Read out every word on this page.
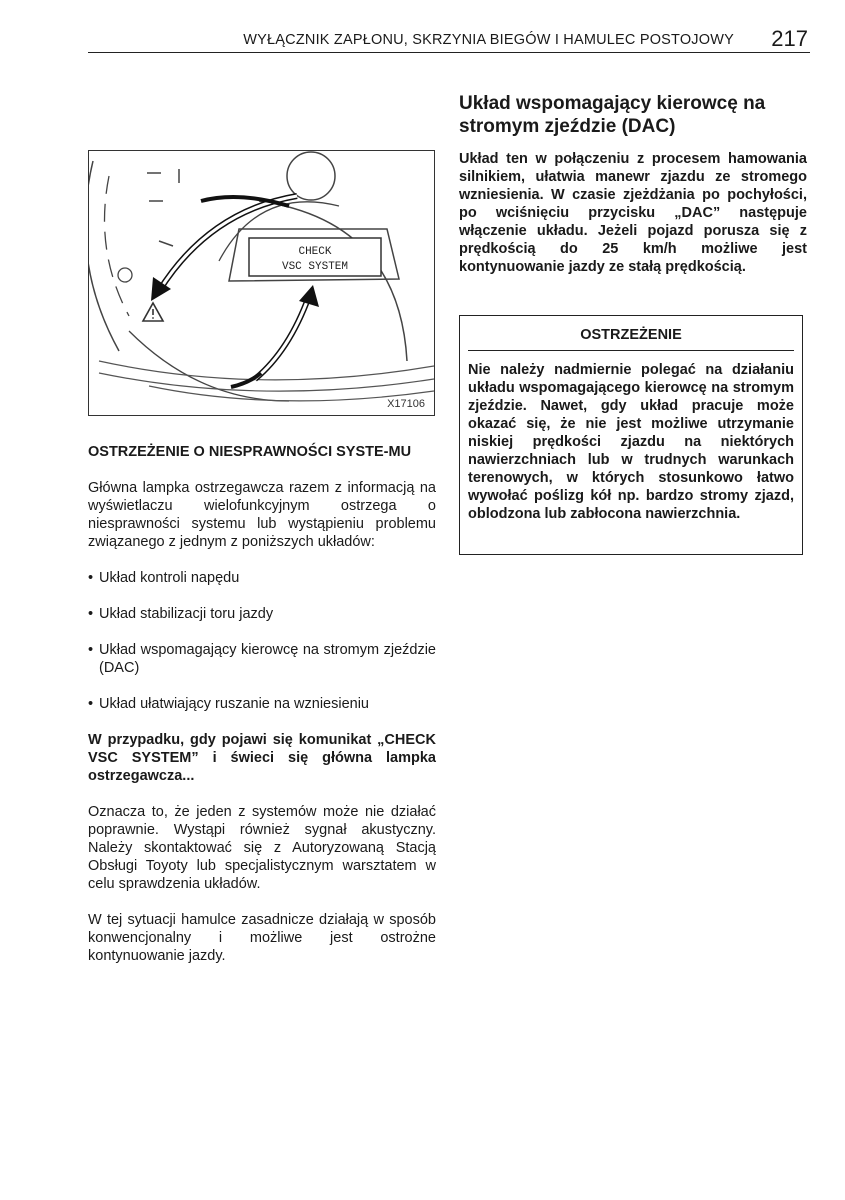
WYŁĄCZNIK ZAPŁONU, SKRZYNIA BIEGÓW I HAMULEC POSTOJOWY 217
CHECK
VSC SYSTEM
X17106

OSTRZEŻENIE O NIESPRAWNOŚCI SYSTE-MU

Główna lampka ostrzegawcza razem z informacją na wyświetlaczu wielofunkcyjnym ostrzega o niesprawności systemu lub wystąpieniu problemu związanego z jednym z poniższych układów:

• Układ kontroli napędu
• Układ stabilizacji toru jazdy
• Układ wspomagający kierowcę na stromym zjeździe (DAC)
• Układ ułatwiający ruszanie na wzniesieniu

W przypadku, gdy pojawi się komunikat „CHECK VSC SYSTEM” i świeci się główna lampka ostrzegawcza...

Oznacza to, że jeden z systemów może nie działać poprawnie. Wystąpi również sygnał akustyczny. Należy skontaktować się z Autoryzowaną Stacją Obsługi Toyoty lub specjalistycznym warsztatem w celu sprawdzenia układów.

W tej sytuacji hamulce zasadnicze działają w sposób konwencjonalny i możliwe jest ostrożne kontynuowanie jazdy.

Układ wspomagający kierowcę na stromym zjeździe (DAC)

Układ ten w połączeniu z procesem hamowania silnikiem, ułatwia manewr zjazdu ze stromego wzniesienia. W czasie zjeżdżania po pochyłości, po wciśnięciu przycisku „DAC” następuje włączenie układu. Jeżeli pojazd porusza się z prędkością do 25 km/h możliwe jest kontynuowanie jazdy ze stałą prędkością.

OSTRZEŻENIE

Nie należy nadmiernie polegać na działaniu układu wspomagającego kierowcę na stromym zjeździe. Nawet, gdy układ pracuje może okazać się, że nie jest możliwe utrzymanie niskiej prędkości zjazdu na niektórych nawierzchniach lub w trudnych warunkach terenowych, w których stosunkowo łatwo wywołać poślizg kół np. bardzo stromy zjazd, oblodzona lub zabłocona nawierzchnia.
